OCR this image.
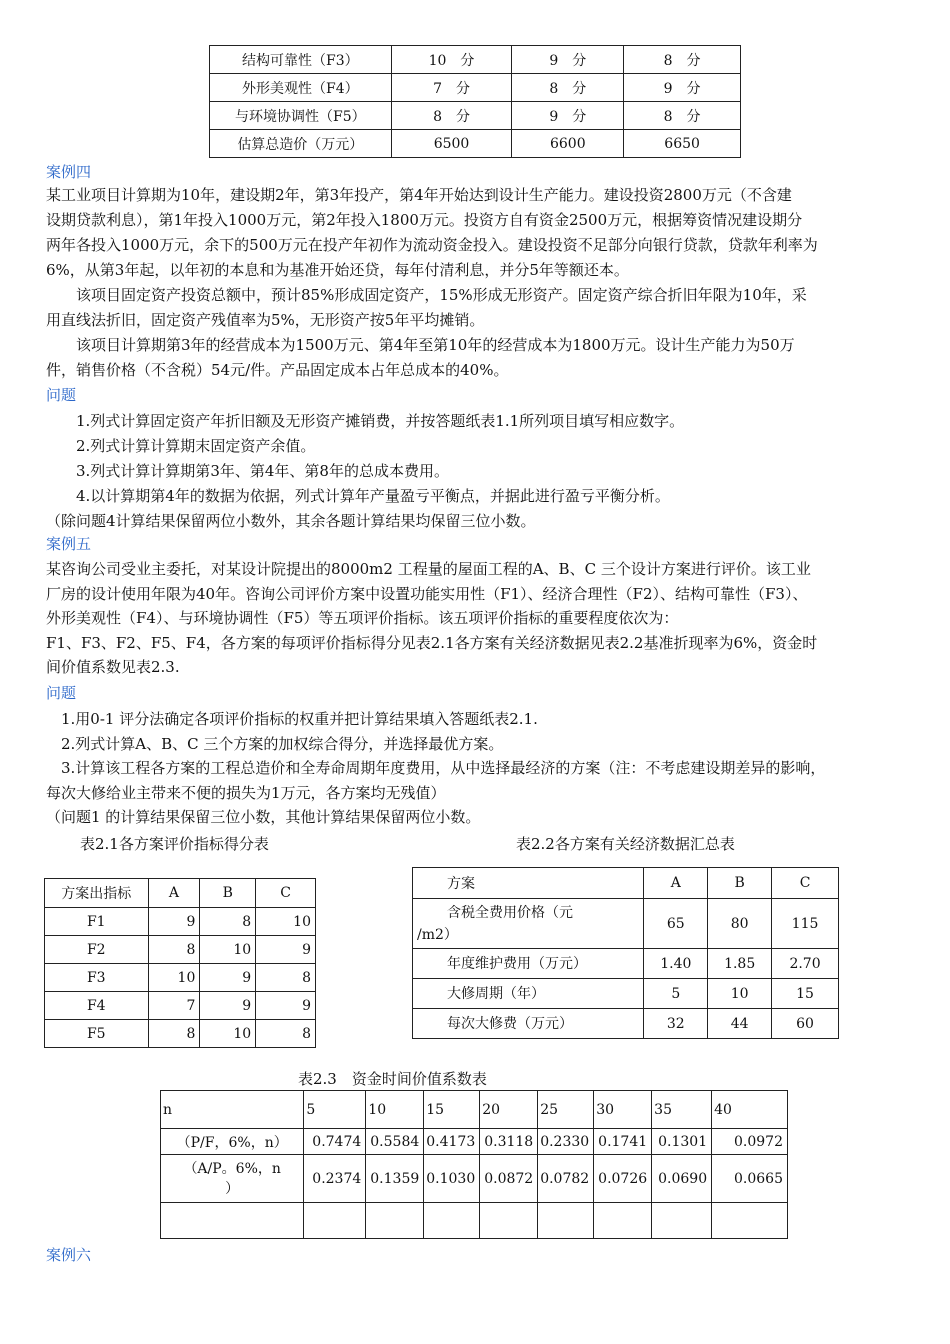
结构可靠性（F3）	10　分	9　分	8　分
外形美观性（F4）	7　分	8　分	9　分
与环境协调性（F5）	8　分	9　分	8　分
估算总造价（万元）	6500	6600	6650
案例四
某工业项目计算期为10年，建设期2年，第3年投产，第4年开始达到设计生产能力。建设投资2800万元（不含建
设期贷款利息），第1年投入1000万元，第2年投入1800万元。投资方自有资金2500万元，根据筹资情况建设期分
两年各投入1000万元，余下的500万元在投产年初作为流动资金投入。建设投资不足部分向银行贷款，贷款年利率为
6%，从第3年起，以年初的本息和为基准开始还贷，每年付清利息，并分5年等额还本。
　　该项目固定资产投资总额中，预计85%形成固定资产，15%形成无形资产。固定资产综合折旧年限为10年，采
用直线法折旧，固定资产残值率为5%，无形资产按5年平均摊销。
　　该项目计算期第3年的经营成本为1500万元、第4年至第10年的经营成本为1800万元。设计生产能力为50万
件，销售价格（不含税）54元/件。产品固定成本占年总成本的40%。
问题
　　1.列式计算固定资产年折旧额及无形资产摊销费，并按答题纸表1.1所列项目填写相应数字。
　　2.列式计算计算期末固定资产余值。
　　3.列式计算计算期第3年、第4年、第8年的总成本费用。
　　4.以计算期第4年的数据为依据，列式计算年产量盈亏平衡点，并据此进行盈亏平衡分析。
（除问题4计算结果保留两位小数外，其余各题计算结果均保留三位小数。
案例五
某咨询公司受业主委托，对某设计院提出的8000m2 工程量的屋面工程的A、B、C 三个设计方案进行评价。该工业
厂房的设计使用年限为40年。咨询公司评价方案中设置功能实用性（F1）、经济合理性（F2）、结构可靠性（F3）、
外形美观性（F4）、与环境协调性（F5）等五项评价指标。该五项评价指标的重要程度依次为：
F1、F3、F2、F5、F4，各方案的每项评价指标得分见表2.1各方案有关经济数据见表2.2基准折现率为6%，资金时
间价值系数见表2.3.
问题
　1.用0-1 评分法确定各项评价指标的权重并把计算结果填入答题纸表2.1.
　2.列式计算A、B、C 三个方案的加权综合得分，并选择最优方案。
　3.计算该工程各方案的工程总造价和全寿命周期年度费用，从中选择最经济的方案（注：不考虑建设期差异的影响，
每次大修给业主带来不便的损失为1万元，各方案均无残值）
（问题1 的计算结果保留三位小数，其他计算结果保留两位小数。
表2.1各方案评价指标得分表	表2.2各方案有关经济数据汇总表
方案出指标	A	B	C
F1	9	8	10
F2	8	10	9
F3	10	9	8
F4	7	9	9
F5	8	10	8
方案	A	B	C

含税全费用价格（元
/m2）	65	80	115

年度维护费用（万元）	1.40	1.85	2.70

大修周期（年）	5	10	15

每次大修费（万元）	32	44	60
表2.3　资金时间价值系数表
n	5	10	15	20	25	30	35	40
（P/F，6%，n）	0.7474	0.5584	0.4173	0.3118	0.2330	0.1741	0.1301	0.0972

（A/P。6%，n
）	0.2374	0.1359	0.1030	0.0872	0.0782	0.0726	0.0690	0.0665

案例六
